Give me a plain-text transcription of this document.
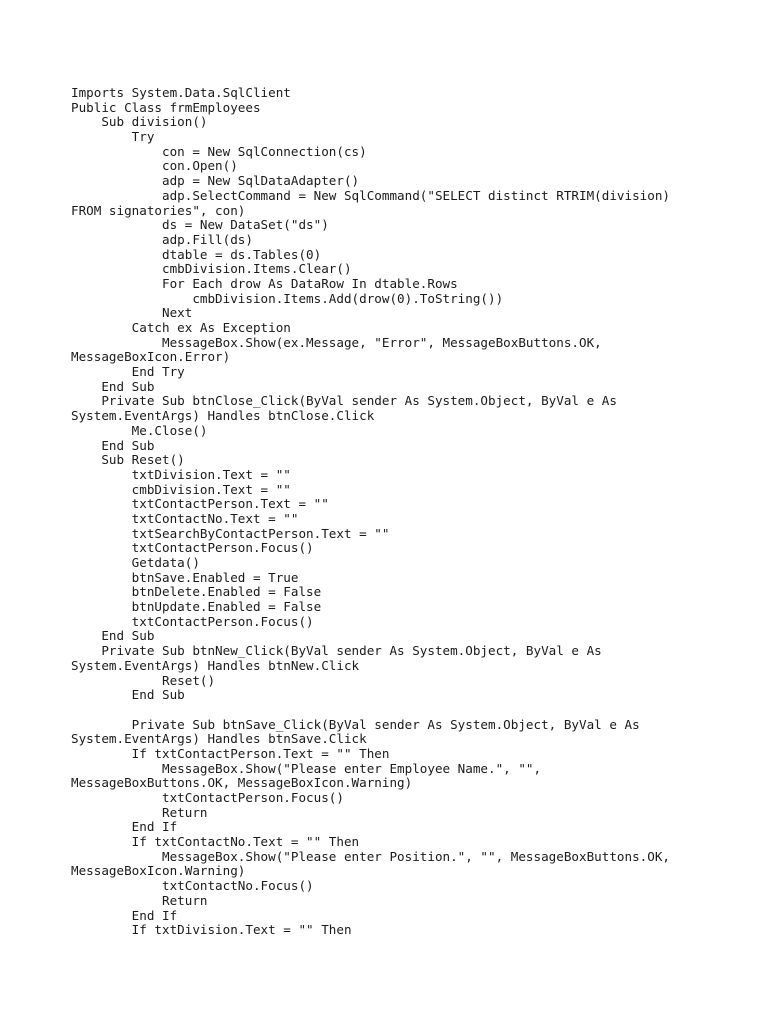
Imports System.Data.SqlClient
Public Class frmEmployees
Sub division()
Try
con = New SqlConnection(cs)
con.Open()
adp = New SqlDataAdapter()
adp.SelectCommand = New SqlCommand("SELECT distinct RTRIM(division)
FROM signatories", con)
ds = New DataSet("ds")
adp.Fill(ds)
dtable = ds.Tables(0)
cmbDivision.Items.Clear()
For Each drow As DataRow In dtable.Rows
cmbDivision.Items.Add(drow(0).ToString())
Next
Catch ex As Exception
MessageBox.Show(ex.Message, "Error", MessageBoxButtons.OK,
MessageBoxIcon.Error)
End Try
End Sub
Private Sub btnClose_Click(ByVal sender As System.Object, ByVal e As
System.EventArgs) Handles btnClose.Click
Me.Close()
End Sub
Sub Reset()
txtDivision.Text = ""
cmbDivision.Text = ""
txtContactPerson.Text = ""
txtContactNo.Text = ""
txtSearchByContactPerson.Text = ""
txtContactPerson.Focus()
Getdata()
btnSave.Enabled = True
btnDelete.Enabled = False
btnUpdate.Enabled = False
txtContactPerson.Focus()
End Sub
Private Sub btnNew_Click(ByVal sender As System.Object, ByVal e As
System.EventArgs) Handles btnNew.Click
Reset()
End Sub
Private Sub btnSave_Click(ByVal sender As System.Object, ByVal e As
System.EventArgs) Handles btnSave.Click
If txtContactPerson.Text = "" Then
MessageBox.Show("Please enter Employee Name.", "",
MessageBoxButtons.OK, MessageBoxIcon.Warning)
txtContactPerson.Focus()
Return
End If
If txtContactNo.Text = "" Then
MessageBox.Show("Please enter Position.", "", MessageBoxButtons.OK,
MessageBoxIcon.Warning)
txtContactNo.Focus()
Return
End If
If txtDivision.Text = "" Then
